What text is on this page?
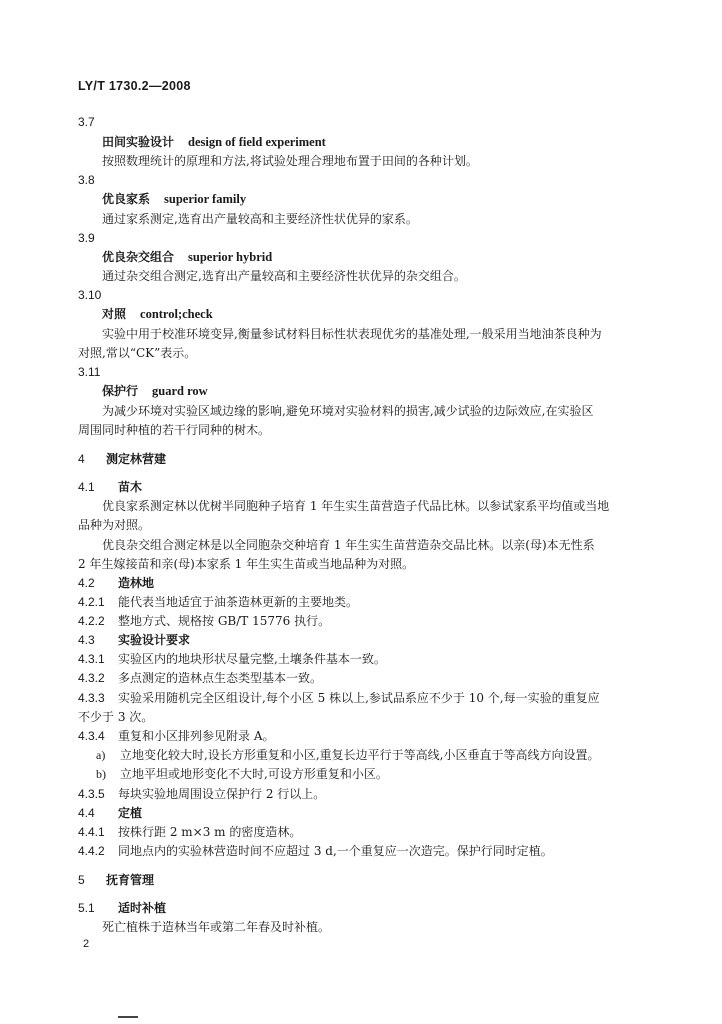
LY/T 1730.2—2008
3.7
田间实验设计 design of field experiment
按照数理统计的原理和方法,将试验处理合理地布置于田间的各种计划。
3.8
优良家系 superior family
通过家系测定,选育出产量较高和主要经济性状优异的家系。
3.9
优良杂交组合 superior hybrid
通过杂交组合测定,选育出产量较高和主要经济性状优异的杂交组合。
3.10
对照 control;check
实验中用于校准环境变异,衡量参试材料目标性状表现优劣的基准处理,一般采用当地油茶良种为
对照,常以“CK”表示。
3.11
保护行 guard row
为减少环境对实验区域边缘的影响,避免环境对实验材料的损害,减少试验的边际效应,在实验区
周围同时种植的若干行同种的树木。
4 测定林营建
4.1 苗木
优良家系测定林以优树半同胞种子培育 1 年生实生苗营造子代品比林。以参试家系平均值或当地
品种为对照。
优良杂交组合测定林是以全同胞杂交种培育 1 年生实生苗营造杂交品比林。以亲(母)本无性系
2 年生嫁接苗和亲(母)本家系 1 年生实生苗或当地品种为对照。
4.2 造林地
4.2.1 能代表当地适宜于油茶造林更新的主要地类。
4.2.2 整地方式、规格按 GB/T 15776 执行。
4.3 实验设计要求
4.3.1 实验区内的地块形状尽量完整,土壤条件基本一致。
4.3.2 多点测定的造林点生态类型基本一致。
4.3.3 实验采用随机完全区组设计,每个小区 5 株以上,参试品系应不少于 10 个,每一实验的重复应
不少于 3 次。
4.3.4 重复和小区排列参见附录 A。
a) 立地变化较大时,设长方形重复和小区,重复长边平行于等高线,小区垂直于等高线方向设置。
b) 立地平坦或地形变化不大时,可设方形重复和小区。
4.3.5 每块实验地周围设立保护行 2 行以上。
4.4 定植
4.4.1 按株行距 2 m×3 m 的密度造林。
4.4.2 同地点内的实验林营造时间不应超过 3 d,一个重复应一次造完。保护行同时定植。
5 抚育管理
5.1 适时补植
死亡植株于造林当年或第二年春及时补植。
2
